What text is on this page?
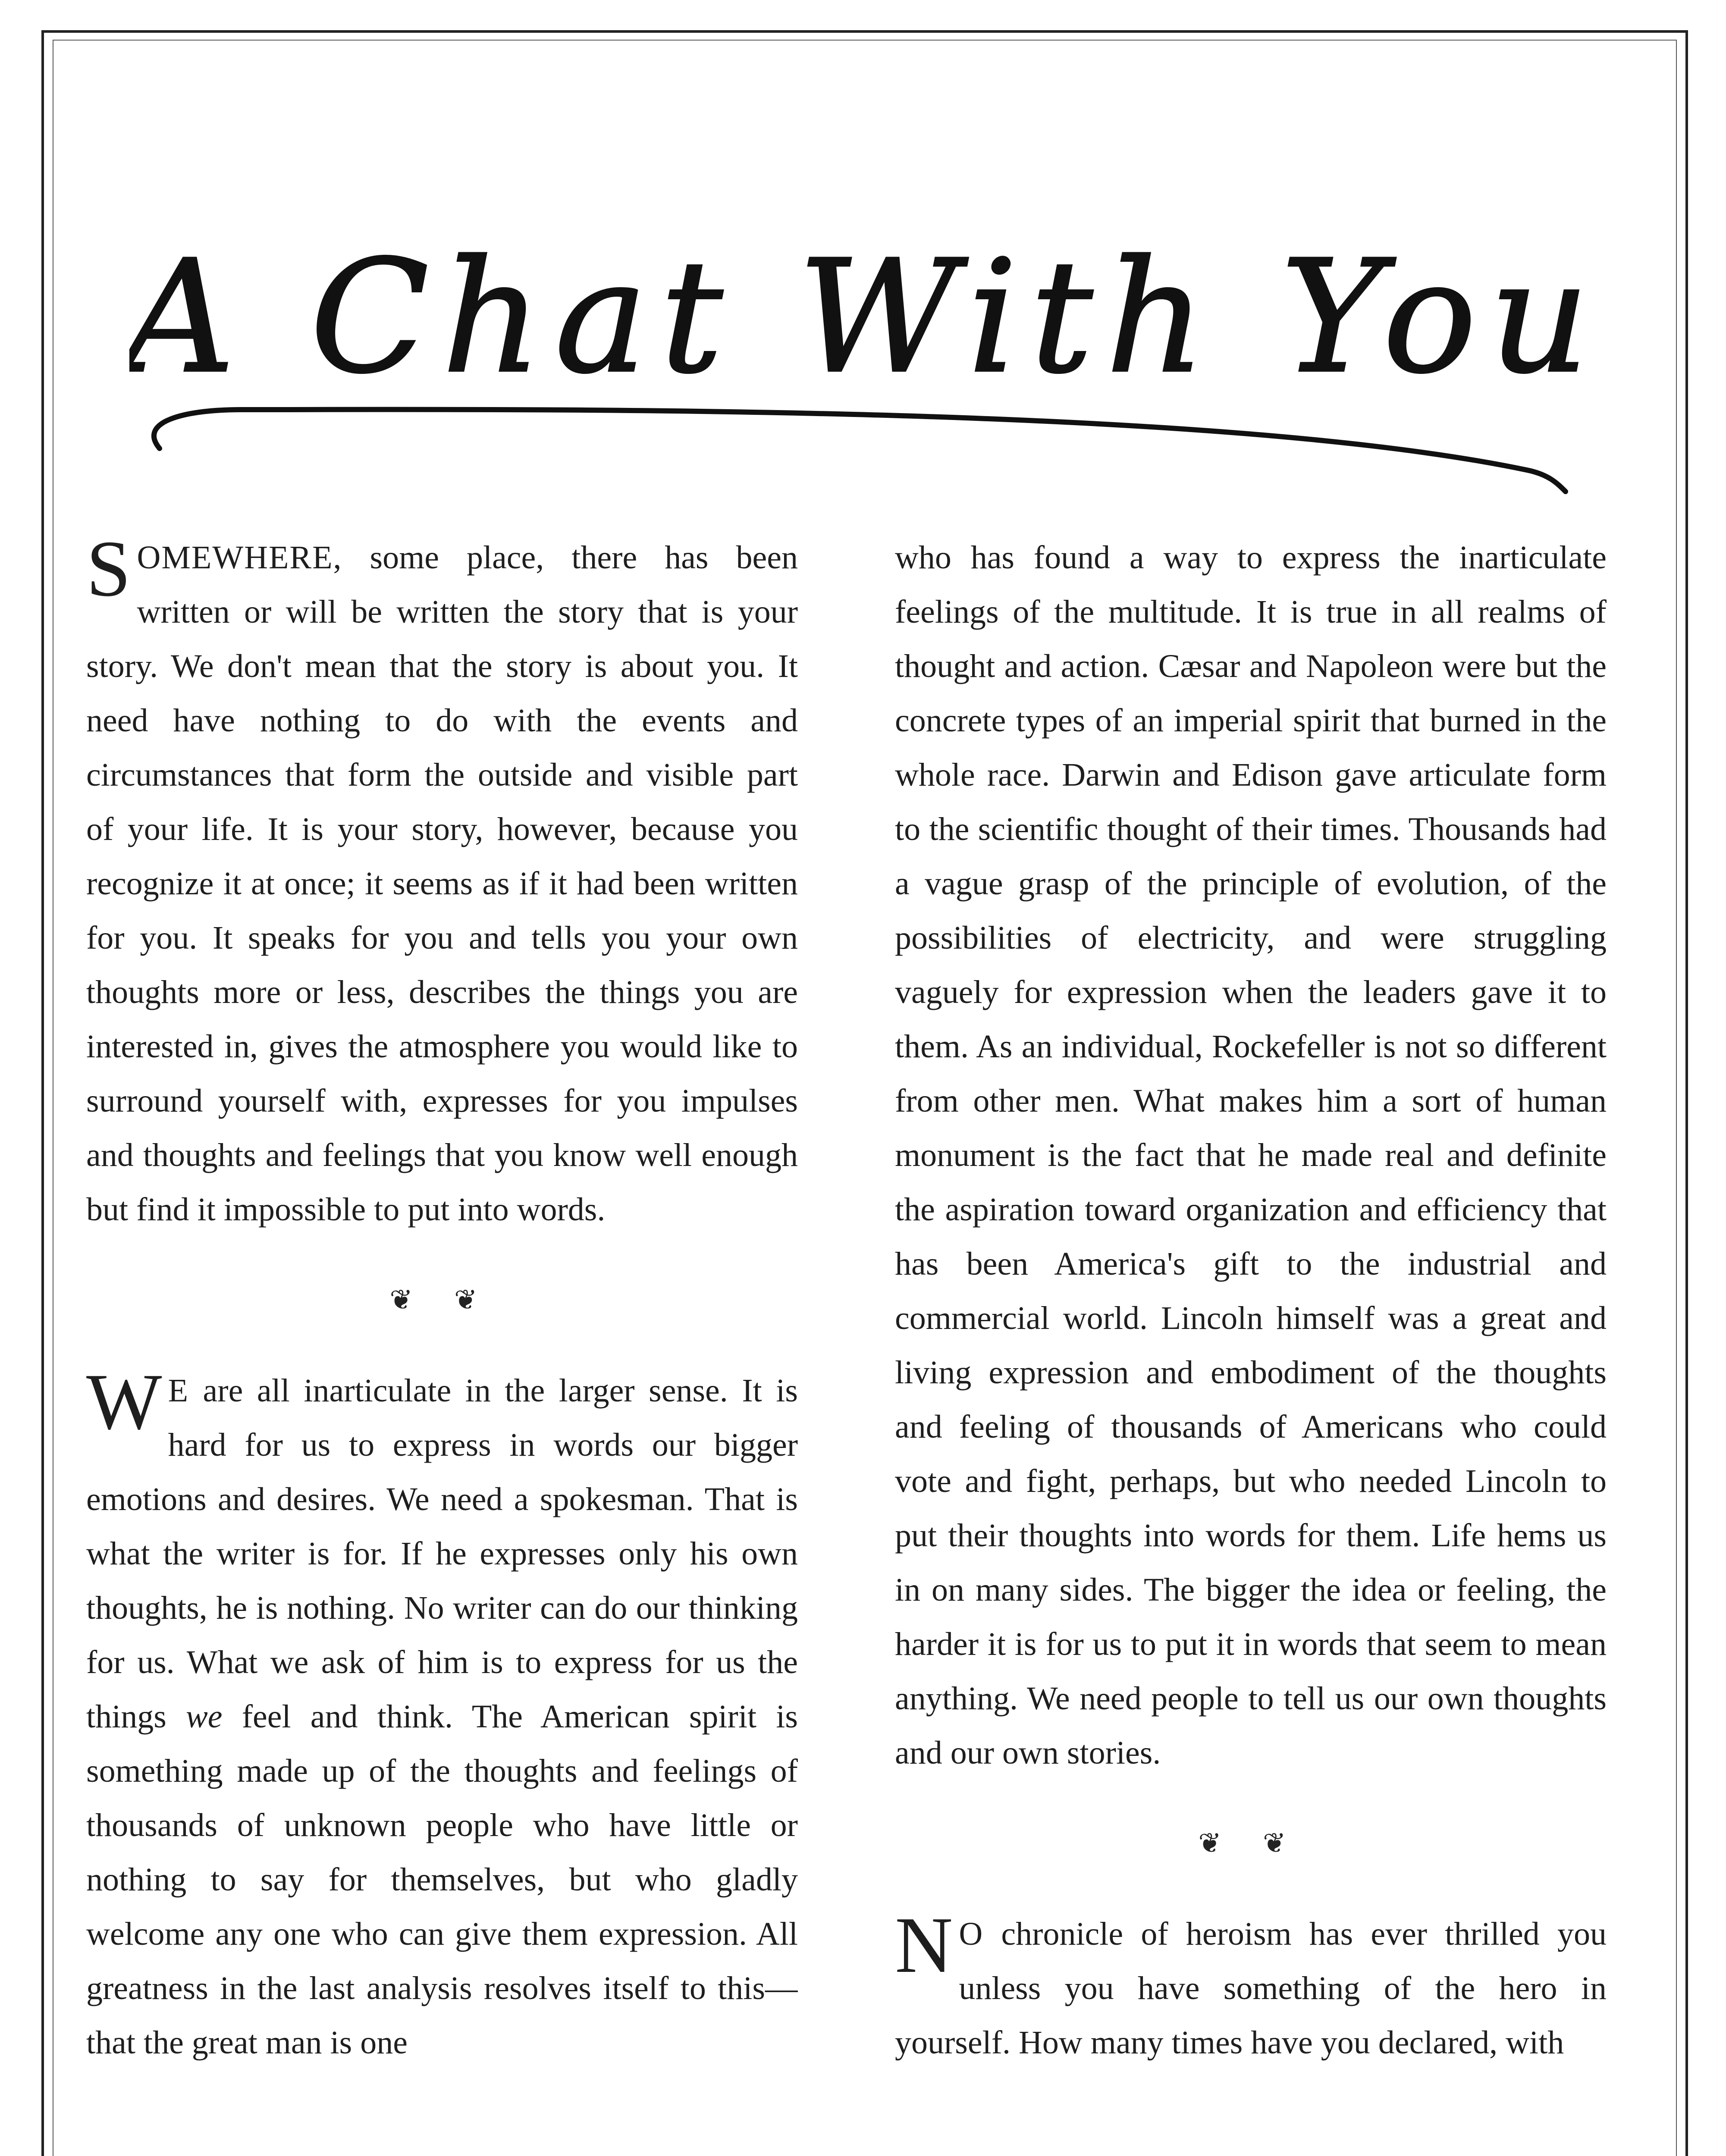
A Chat With You
SOMEWHERE, some place, there has been written or will be written the story that is your story. We don't mean that the story is about you. It need have nothing to do with the events and circumstances that form the outside and visible part of your life. It is your story, however, because you recognize it at once; it seems as if it had been written for you. It speaks for you and tells you your own thoughts more or less, describes the things you are interested in, gives the atmosphere you would like to surround yourself with, expresses for you impulses and thoughts and feelings that you know well enough but find it impossible to put into words.
❦ ❦
W E are all inarticulate in the larger sense. It is hard for us to express in words our bigger emotions and desires. We need a spokesman. That is what the writer is for. If he expresses only his own thoughts, he is nothing. No writer can do our thinking for us. What we ask of him is to express for us the things we feel and think. The American spirit is something made up of the thoughts and feelings of thousands of unknown people who have little or nothing to say for themselves, but who gladly welcome any one who can give them expression. All greatness in the last analysis resolves itself to this—that the great man is one
who has found a way to express the inarticulate feelings of the multitude. It is true in all realms of thought and action. Cæsar and Napoleon were but the concrete types of an imperial spirit that burned in the whole race. Darwin and Edison gave articulate form to the scientific thought of their times. Thousands had a vague grasp of the principle of evolution, of the possibilities of electricity, and were struggling vaguely for expression when the leaders gave it to them. As an individual, Rockefeller is not so different from other men. What makes him a sort of human monument is the fact that he made real and definite the aspiration toward organization and efficiency that has been America's gift to the industrial and commercial world. Lincoln himself was a great and living expression and embodiment of the thoughts and feeling of thousands of Americans who could vote and fight, perhaps, but who needed Lincoln to put their thoughts into words for them. Life hems us in on many sides. The bigger the idea or feeling, the harder it is for us to put it in words that seem to mean anything. We need people to tell us our own thoughts and our own stories.
❦ ❦
N O chronicle of heroism has ever thrilled you unless you have something of the hero in yourself. How many times have you declared, with
